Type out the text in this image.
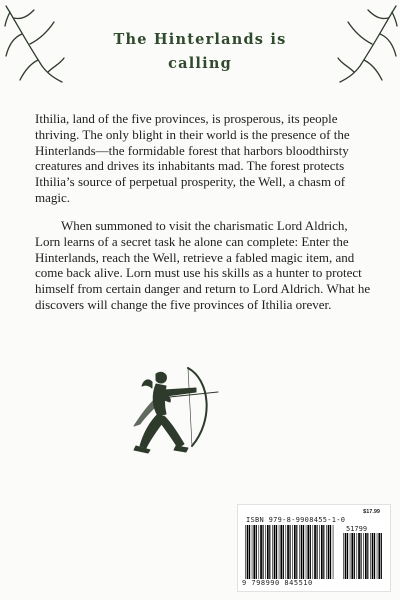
The Hinterlands is
calling

Ithilia, land of the five provinces, is prosperous, its people thriving. The only blight in their world is the presence of the Hinterlands—the formidable forest that harbors bloodthirsty creatures and drives its inhabitants mad. The forest protects Ithilia’s source of perpetual prosperity, the Well, a chasm of magic.

When summoned to visit the charismatic Lord Aldrich, Lorn learns of a secret task he alone can complete: Enter the Hinterlands, reach the Well, retrieve a fabled magic item, and come back alive. Lorn must use his skills as a hunter to protect himself from certain danger and return to Lord Aldrich. What he discovers will change the five provinces of Ithilia orever.

$17.99
ISBN 979-8-9908455-1-0
51799
9 798990 845510
